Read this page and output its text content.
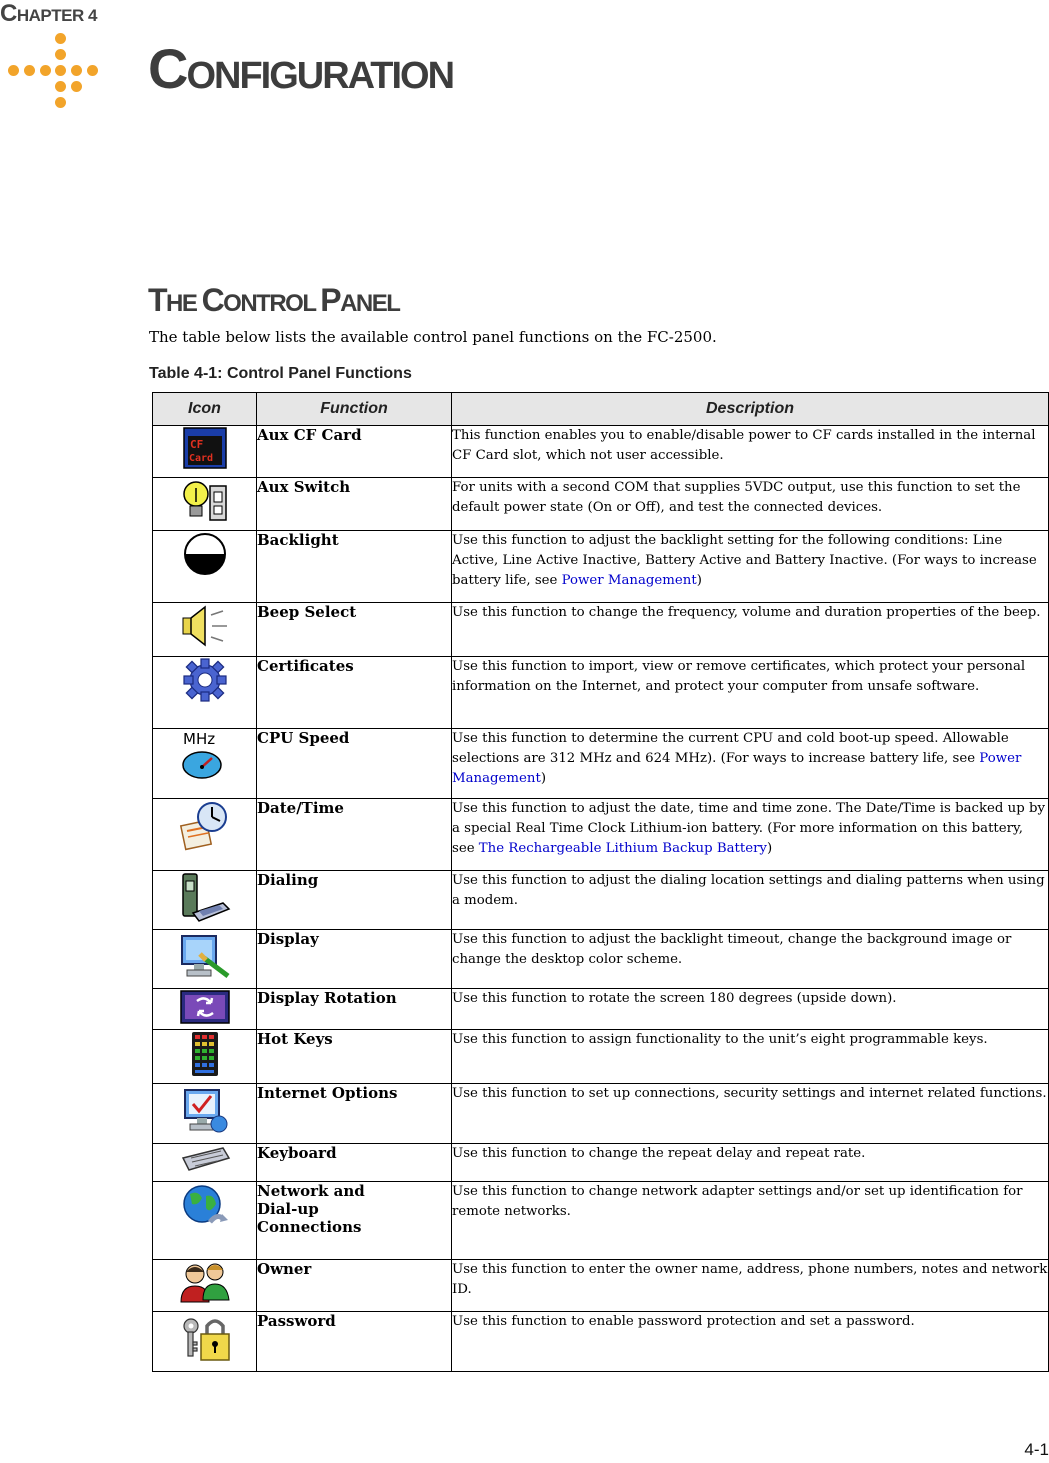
CHAPTER 4
CONFIGURATION
THE CONTROL PANEL
The table below lists the available control panel functions on the FC-2500.
Table 4-1: Control Panel Functions
Icon	Function	Description

CF
Card	Aux CF Card	This function enables you to enable/disable power to CF cards installed in the internal CF Card slot, which not user accessible.
	Aux Switch	For units with a second COM that supplies 5VDC output, use this function to set the default power state (On or Off), and test the connected devices.
	Backlight	Use this function to adjust the backlight setting for the following conditions: Line Active, Line Active Inactive, Battery Active and Battery Inactive. (For ways to increase battery life, see Power Management)
	Beep Select	Use this function to change the frequency, volume and duration properties of the beep.
	Certificates	Use this function to import, view or remove certificates, which protect your personal information on the Internet, and protect your computer from unsafe software.

MHz	CPU Speed	Use this function to determine the current CPU and cold boot-up speed. Allowable selections are 312 MHz and 624 MHz). (For ways to increase battery life, see Power Management)
	Date/Time	Use this function to adjust the date, time and time zone. The Date/Time is backed up by a special Real Time Clock Lithium-ion battery. (For more information on this battery, see The Rechargeable Lithium Backup Battery)
	Dialing	Use this function to adjust the dialing location settings and dialing patterns when using a modem.
	Display	Use this function to adjust the backlight timeout, change the background image or change the desktop color scheme.
	Display Rotation	Use this function to rotate the screen 180 degrees (upside down).
	Hot Keys	Use this function to assign functionality to the unit’s eight programmable keys.
	Internet Options	Use this function to set up connections, security settings and internet related functions.
	Keyboard	Use this function to change the repeat delay and repeat rate.
	Network and
Dial-up
Connections	Use this function to change network adapter settings and/or set up identification for remote networks.
	Owner	Use this function to enter the owner name, address, phone numbers, notes and network ID.
	Password	Use this function to enable password protection and set a password.
4-1
